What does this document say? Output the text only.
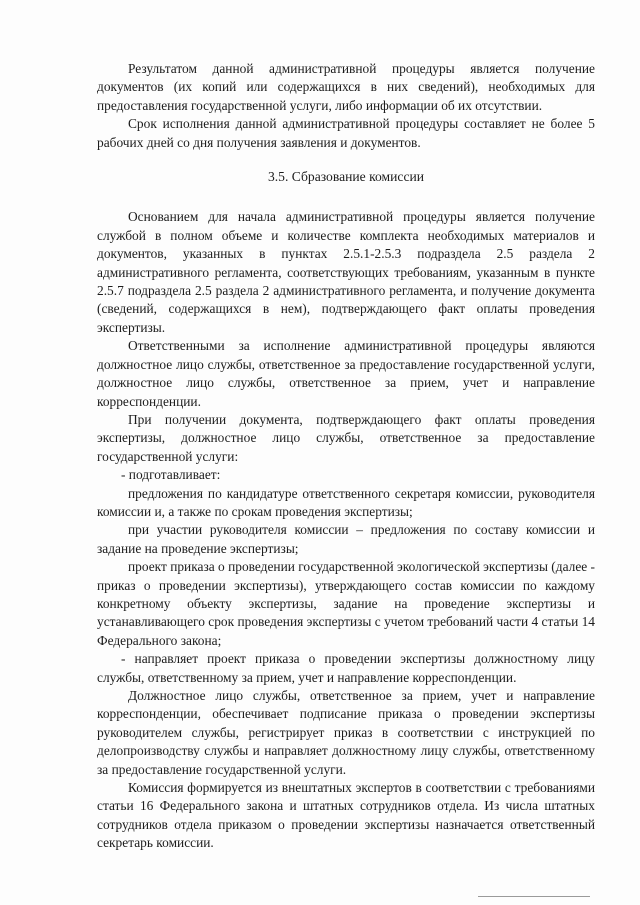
Результатом данной административной процедуры является получение документов (их копий или содержащихся в них сведений), необходимых для предоставления государственной услуги, либо информации об их отсутствии.

Срок исполнения данной административной процедуры составляет не более 5 рабочих дней со дня получения заявления и документов.

3.5. Сбразование комиссии

Основанием для начала административной процедуры является получение службой в полном объеме и количестве комплекта необходимых материалов и документов, указанных в пунктах 2.5.1-2.5.3 подраздела 2.5 раздела 2 административного регламента, соответствующих требованиям, указанным в пункте 2.5.7 подраздела 2.5 раздела 2 административного регламента, и получение документа (сведений, содержащихся в нем), подтверждающего факт оплаты проведения экспертизы.

Ответственными за исполнение административной процедуры являются должностное лицо службы, ответственное за предоставление государственной услуги, должностное лицо службы, ответственное за прием, учет и направление корреспонденции.

При получении документа, подтверждающего факт оплаты проведения экспертизы, должностное лицо службы, ответственное за предоставление государственной услуги:

- подготавливает:

предложения по кандидатуре ответственного секретаря комиссии, руководителя комиссии и, а также по срокам проведения экспертизы;

при участии руководителя комиссии – предложения по составу комиссии и задание на проведение экспертизы;

проект приказа о проведении государственной экологической экспертизы (далее - приказ о проведении экспертизы), утверждающего состав комиссии по каждому конкретному объекту экспертизы, задание на проведение экспертизы и устанавливающего срок проведения экспертизы с учетом требований части 4 статьи 14 Федерального закона;

- направляет проект приказа о проведении экспертизы должностному лицу службы, ответственному за прием, учет и направление корреспонденции.

Должностное лицо службы, ответственное за прием, учет и направление корреспонденции, обеспечивает подписание приказа о проведении экспертизы руководителем службы, регистрирует приказ в соответствии с инструкцией по делопроизводству службы и направляет должностному лицу службы, ответственному за предоставление государственной услуги.

Комиссия формируется из внештатных экспертов в соответствии с требованиями статьи 16 Федерального закона и штатных сотрудников отдела. Из числа штатных сотрудников отдела приказом о проведении экспертизы назначается ответственный секретарь комиссии.
